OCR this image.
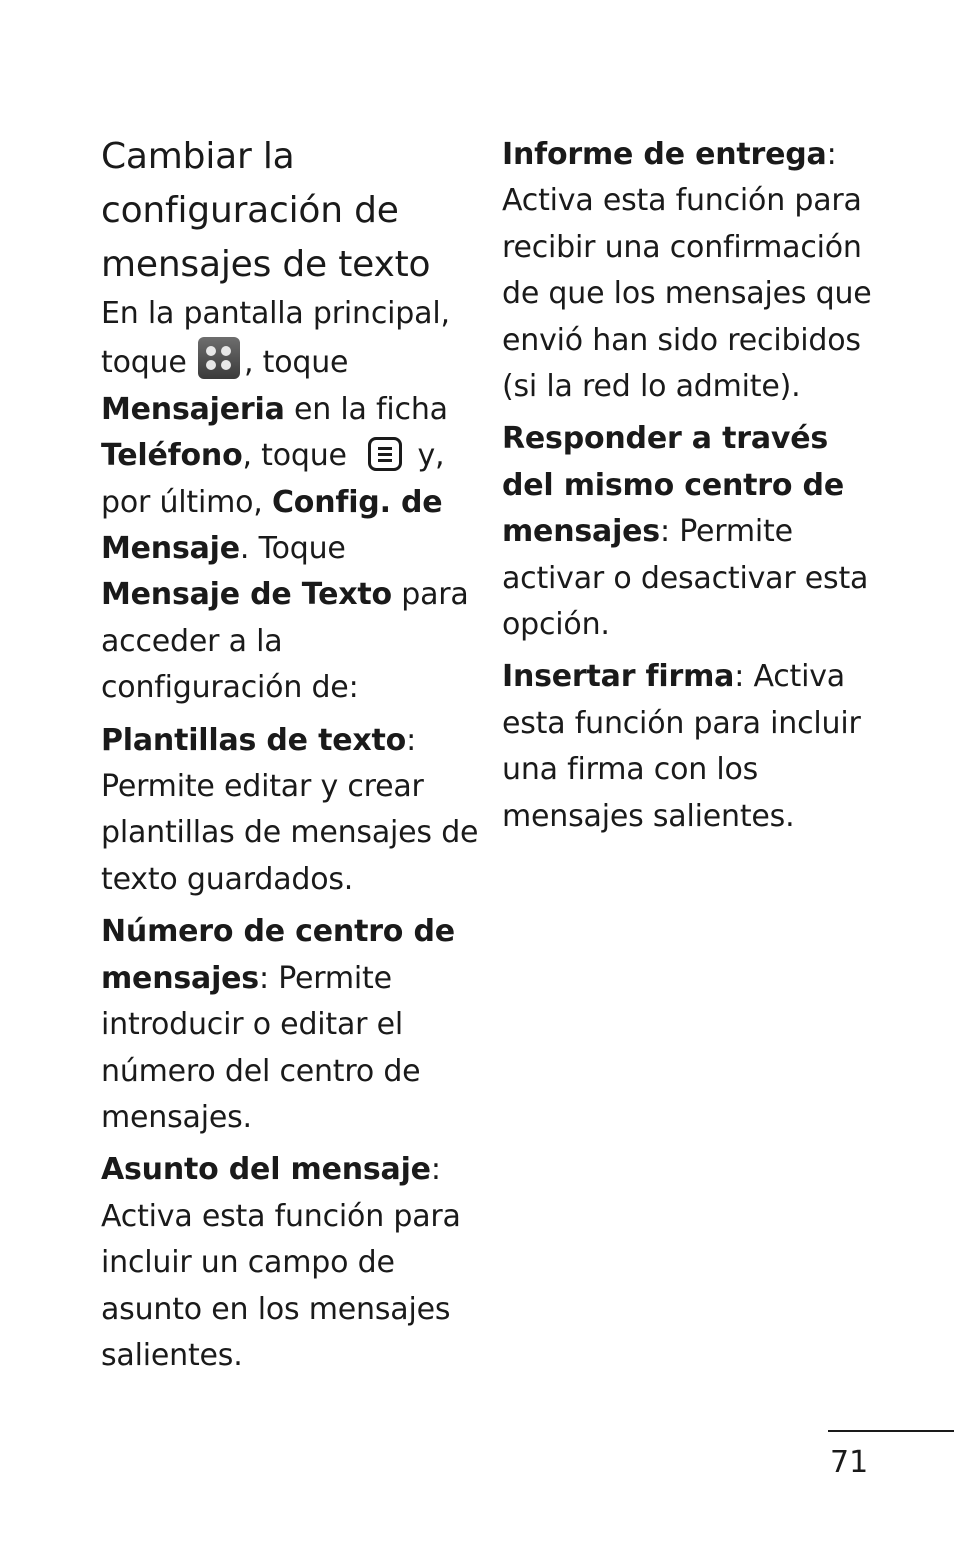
Cambiar la
configuración de
mensajes de texto

En la pantalla principal, toque
, toque Mensajeria en la ficha Teléfono, toque
y, por último, Config. de Mensaje. Toque Mensaje de Texto para acceder a la configuración de:

Plantillas de texto: Permite editar y crear plantillas de mensajes de texto guardados.

Número de centro de mensajes: Permite introducir o editar el número del centro de mensajes.

Asunto del mensaje: Activa esta función para incluir un campo de asunto en los mensajes salientes.

Informe de entrega: Activa esta función para recibir una confirmación de que los mensajes que envió han sido recibidos (si la red lo admite).

Responder a través del mismo centro de mensajes: Permite activar o desactivar esta opción.

Insertar firma: Activa esta función para incluir una firma con los mensajes salientes.

71
